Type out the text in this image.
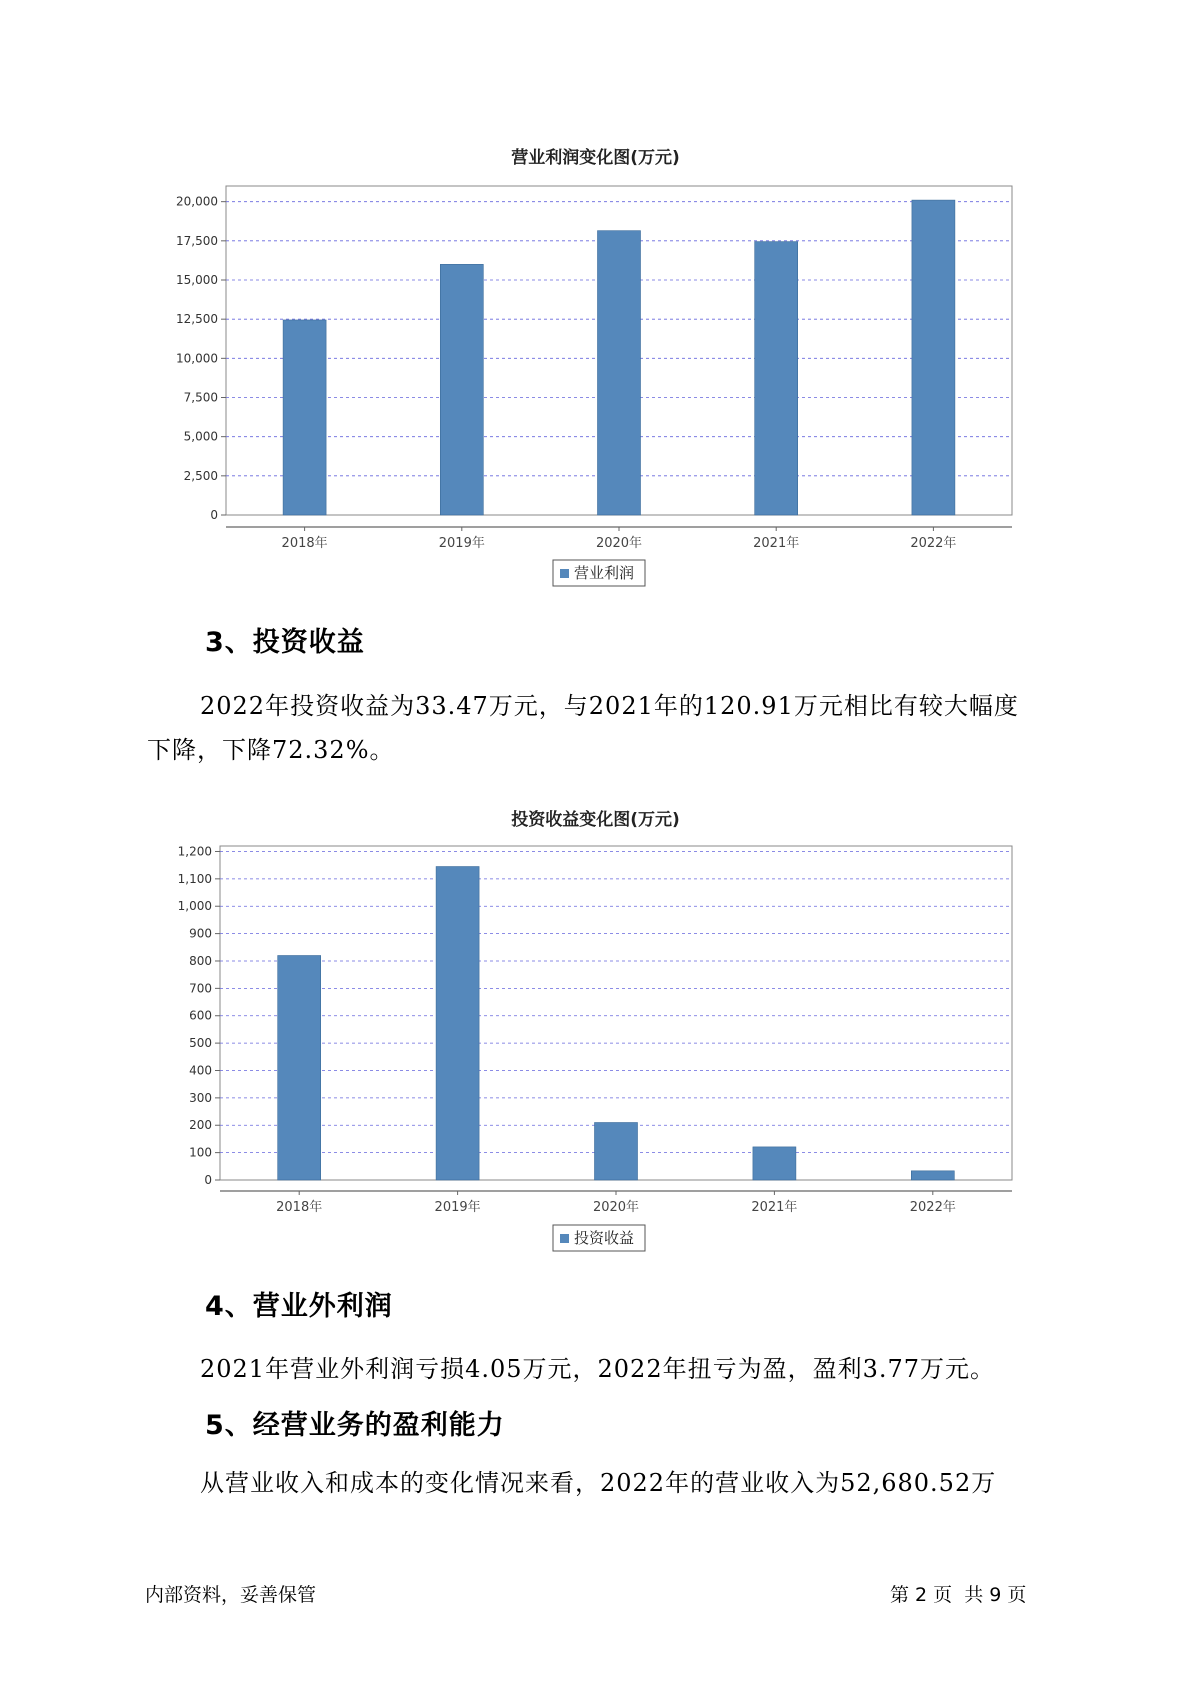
营业利润变化图(万元)
0
2,500
5,000
7,500
10,000
12,500
15,000
17,500
20,000
2018年	2019年	2020年	2021年	2022年
营业利润
3、投资收益
2022年投资收益为33.47万元，与2021年的120.91万元相比有较大幅度
下降，下降72.32%。
投资收益变化图(万元)
0
100
200
300
400
500
600
700
800
900
1,000
1,100
1,200
2018年	2019年	2020年	2021年	2022年
投资收益
4、营业外利润
2021年营业外利润亏损4.05万元，2022年扭亏为盈，盈利3.77万元。
5、经营业务的盈利能力
从营业收入和成本的变化情况来看，2022年的营业收入为52,680.52万
内部资料，妥善保管	第 2 页  共 9 页
